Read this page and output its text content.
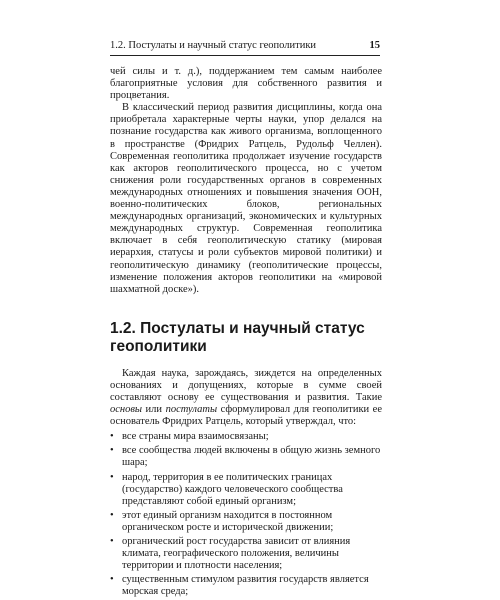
1.2. Постулаты и научный статус геополитики	15

чей силы и т. д.), поддержанием тем самым наиболее благоприятные условия для собственного развития и процветания.

В классический период развития дисциплины, когда она приобретала характерные черты науки, упор делался на познание государства как живого организма, воплощенного в пространстве (Фридрих Ратцель, Рудольф Челлен). Современная геополитика продолжает изучение государств как акторов геополитического процесса, но с учетом снижения роли государственных органов в современных международных отношениях и повышения значения ООН, военно-политических блоков, региональных международных организаций, экономических и культурных международных структур. Современная геополитика включает в себя геополитическую статику (мировая иерархия, статусы и роли субъектов мировой политики) и геополитическую динамику (геополитические процессы, изменение положения акторов геополитики на «мировой шахматной доске»).

1.2. Постулаты и научный статус геополитики

Каждая наука, зарождаясь, зиждется на определенных основаниях и допущениях, которые в сумме своей составляют основу ее существования и развития. Такие основы или постулаты сформулировал для геополитики ее основатель Фридрих Ратцель, который утверждал, что:

• все страны мира взаимосвязаны;
• все сообщества людей включены в общую жизнь земного шара;
• народ, территория в ее политических границах (государство) каждого человеческого сообщества представляют собой единый организм;
• этот единый организм находится в постоянном органическом росте и исторической движении;
• органический рост государства зависит от влияния климата, географического положения, величины территории и плотности населения;
• существенным стимулом развития государств является морская среда;
